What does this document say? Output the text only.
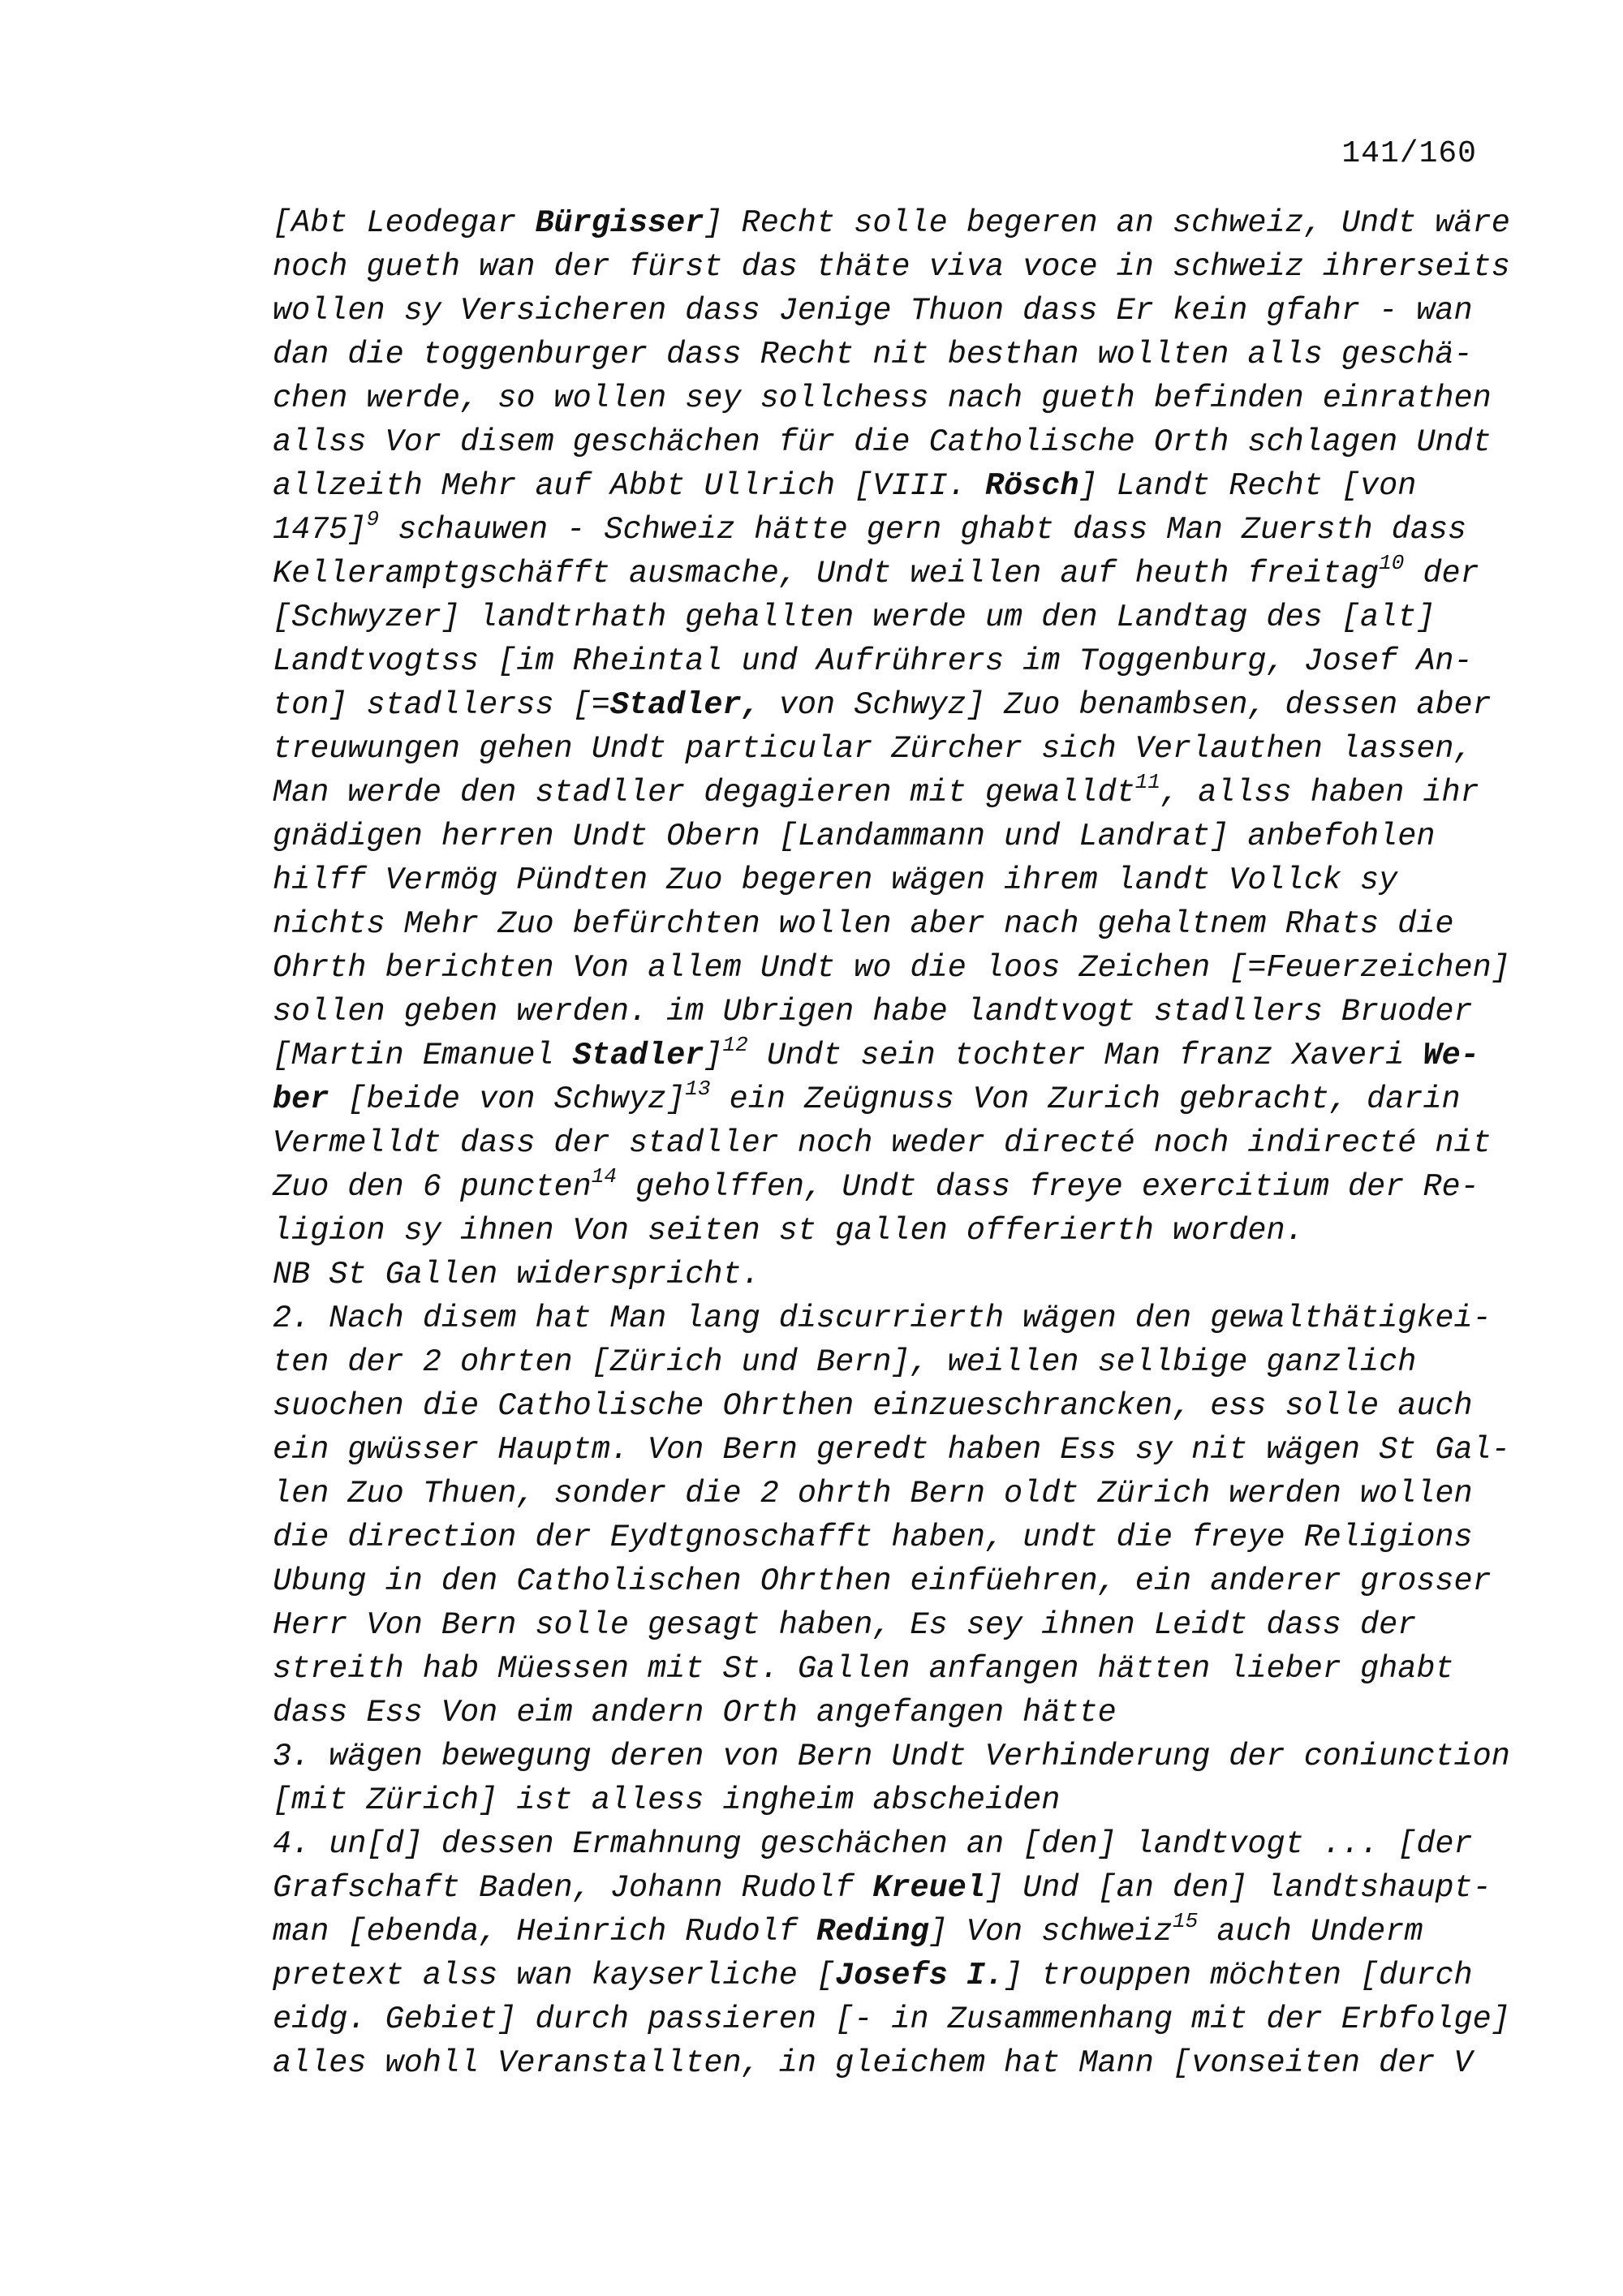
141/160
[Abt Leodegar Bürgisser] Recht solle begeren an schweiz, Undt wäre
noch gueth wan der fürst das thäte viva voce in schweiz ihrerseits
wollen sy Versicheren dass Jenige Thuon dass Er kein gfahr - wan
dan die toggenburger dass Recht nit besthan wollten alls geschä-
chen werde, so wollen sey sollchess nach gueth befinden einrathen
allss Vor disem geschächen für die Catholische Orth schlagen Undt
allzeith Mehr auf Abbt Ullrich [VIII. Rösch] Landt Recht [von
1475]$^9$ schauwen - Schweiz hätte gern ghabt dass Man Zuersth dass
Kelleramptgschäfft ausmache, Undt weillen auf heuth freitag$^{10}$ der
[Schwyzer] landtrhath gehallten werde um den Landtag des [alt]
Landtvogtss [im Rheintal und Aufrührers im Toggenburg, Josef An-
ton] stadllerss [=Stadler, von Schwyz] Zuo benambsen, dessen aber
treuwungen gehen Undt particular Zürcher sich Verlauthen lassen,
Man werde den stadller degagieren mit gewalldt$^{11}$, allss haben ihr
gnädigen herren Undt Obern [Landammann und Landrat] anbefohlen
hilff Vermög Pündten Zuo begeren wägen ihrem landt Vollck sy
nichts Mehr Zuo befürchten wollen aber nach gehaltnem Rhats die
Ohrth berichten Von allem Undt wo die loos Zeichen [=Feuerzeichen]
sollen geben werden. im Ubrigen habe landtvogt stadllers Bruoder
[Martin Emanuel Stadler]$^{12}$ Undt sein tochter Man franz Xaveri We-
ber [beide von Schwyz]$^{13}$ ein Zeügnuss Von Zurich gebracht, darin
Vermelldt dass der stadller noch weder directé noch indirecté nit
Zuo den 6 puncten$^{14}$ geholffen, Undt dass freye exercitium der Re-
ligion sy ihnen Von seiten st gallen offerierth worden.
NB St Gallen widerspricht.
2. Nach disem hat Man lang discurrierth wägen den gewalthätigkei-
ten der 2 ohrten [Zürich und Bern], weillen sellbige ganzlich
suochen die Catholische Ohrthen einzueschrancken, ess solle auch
ein gwüsser Hauptm. Von Bern geredt haben Ess sy nit wägen St Gal-
len Zuo Thuen, sonder die 2 ohrth Bern oldt Zürich werden wollen
die direction der Eydtgnoschafft haben, undt die freye Religions
Ubung in den Catholischen Ohrthen einfüehren, ein anderer grosser
Herr Von Bern solle gesagt haben, Es sey ihnen Leidt dass der
streith hab Müessen mit St. Gallen anfangen hätten lieber ghabt
dass Ess Von eim andern Orth angefangen hätte
3. wägen bewegung deren von Bern Undt Verhinderung der coniunction
[mit Zürich] ist alless ingheim abscheiden
4. un[d] dessen Ermahnung geschächen an [den] landtvogt ... [der
Grafschaft Baden, Johann Rudolf Kreuel] Und [an den] landtshaupt-
man [ebenda, Heinrich Rudolf Reding] Von schweiz$^{15}$ auch Underm
pretext alss wan kayserliche [Josefs I.] trouppen möchten [durch
eidg. Gebiet] durch passieren [- in Zusammenhang mit der Erbfolge]
alles wohll Veranstallten, in gleichem hat Mann [vonseiten der V
